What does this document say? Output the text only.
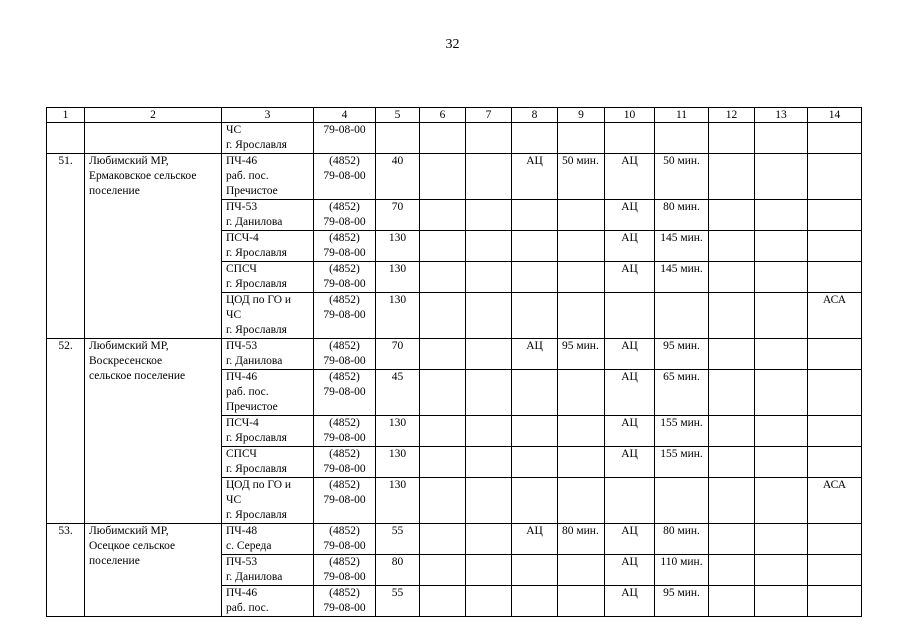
32
1	2	3	4	5	6	7	8	9	10	11	12	13	14

		ЧС
г. Ярославля	79-08-00										

51.	Любимский МР,
Ермаковское сельское
поселение	ПЧ-46
раб. пос.
Пречистое	(4852)
79-08-00	40			АЦ	50 мин.	АЦ	50 мин.			

		ПЧ-53
г. Данилова	(4852)
79-08-00	70					АЦ	80 мин.			

		ПСЧ-4
г. Ярославля	(4852)
79-08-00	130					АЦ	145 мин.			

		СПСЧ
г. Ярославля	(4852)
79-08-00	130					АЦ	145 мин.			

		ЦОД по ГО и
ЧС
г. Ярославля	(4852)
79-08-00	130									АСА
52.	Любимский МР,
Воскресенское
сельское поселение	ПЧ-53
г. Данилова	(4852)
79-08-00	70			АЦ	95 мин.	АЦ	95 мин.			

		ПЧ-46
раб. пос.
Пречистое	(4852)
79-08-00	45					АЦ	65 мин.			

		ПСЧ-4
г. Ярославля	(4852)
79-08-00	130					АЦ	155 мин.			

		СПСЧ
г. Ярославля	(4852)
79-08-00	130					АЦ	155 мин.			

		ЦОД по ГО и
ЧС
г. Ярославля	(4852)
79-08-00	130									АСА
53.	Любимский МР,
Осецкое сельское
поселение	ПЧ-48
с. Середа	(4852)
79-08-00	55			АЦ	80 мин.	АЦ	80 мин.			

		ПЧ-53
г. Данилова	(4852)
79-08-00	80					АЦ	110 мин.			

		ПЧ-46
раб. пос.	(4852)
79-08-00	55					АЦ	95 мин.			
